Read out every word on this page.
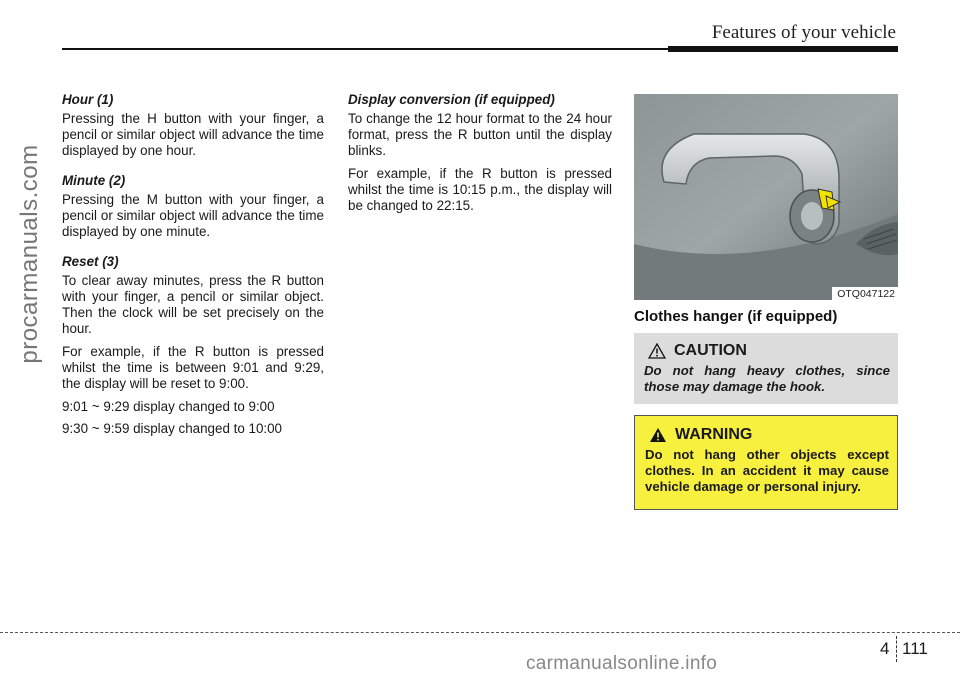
Features of your vehicle
procarmanuals.com
Hour (1)

Pressing the H button with your finger, a pencil or similar object will advance the time displayed by one hour.

Minute (2)

Pressing the M button with your finger, a pencil or similar object will advance the time displayed by one minute.

Reset (3)

To clear away minutes, press the R button with your finger, a pencil or similar object. Then the clock will be set precisely on the hour.

For example, if the R button is pressed whilst the time is between 9:01 and 9:29, the display will be reset to 9:00.

9:01 ~ 9:29 display changed to 9:00

9:30 ~ 9:59 display changed to 10:00

Display conversion (if equipped)

To change the 12 hour format to the 24 hour format, press the R button until the display blinks.

For example, if the R button is pressed whilst the time is 10:15 p.m., the display will be changed to 22:15.

OTQ047122
Clothes hanger (if equipped)
CAUTION
Do not hang heavy clothes, since those may damage the hook.
WARNING
Do not hang other objects except clothes. In an accident it may cause vehicle damage or personal injury.
4 111
carmanualsonline.info
